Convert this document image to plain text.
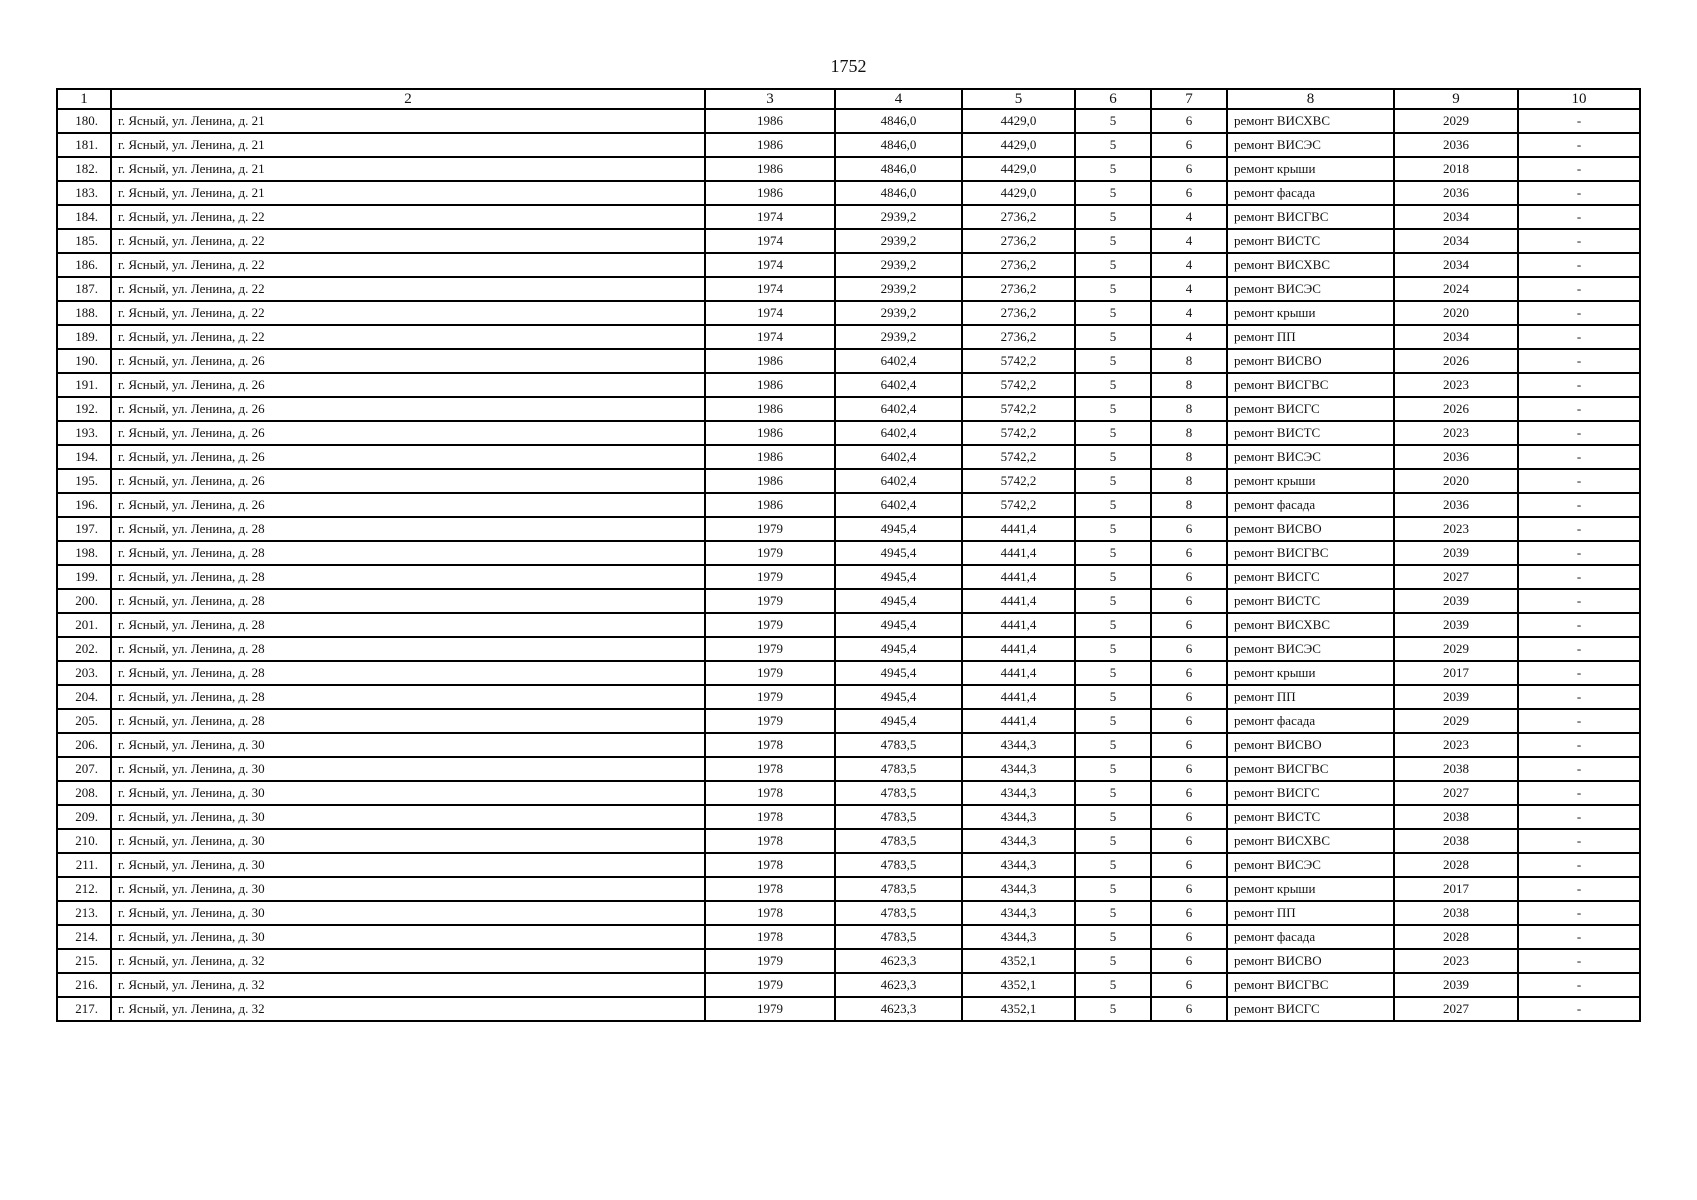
1752
1	2	3	4	5	6	7	8	9	10
180.	г. Ясный, ул. Ленина, д. 21	1986	4846,0	4429,0	5	6	ремонт ВИСХВС	2029	-
181.	г. Ясный, ул. Ленина, д. 21	1986	4846,0	4429,0	5	6	ремонт ВИСЭС	2036	-
182.	г. Ясный, ул. Ленина, д. 21	1986	4846,0	4429,0	5	6	ремонт крыши	2018	-
183.	г. Ясный, ул. Ленина, д. 21	1986	4846,0	4429,0	5	6	ремонт фасада	2036	-
184.	г. Ясный, ул. Ленина, д. 22	1974	2939,2	2736,2	5	4	ремонт ВИСГВС	2034	-
185.	г. Ясный, ул. Ленина, д. 22	1974	2939,2	2736,2	5	4	ремонт ВИСТС	2034	-
186.	г. Ясный, ул. Ленина, д. 22	1974	2939,2	2736,2	5	4	ремонт ВИСХВС	2034	-
187.	г. Ясный, ул. Ленина, д. 22	1974	2939,2	2736,2	5	4	ремонт ВИСЭС	2024	-
188.	г. Ясный, ул. Ленина, д. 22	1974	2939,2	2736,2	5	4	ремонт крыши	2020	-
189.	г. Ясный, ул. Ленина, д. 22	1974	2939,2	2736,2	5	4	ремонт ПП	2034	-
190.	г. Ясный, ул. Ленина, д. 26	1986	6402,4	5742,2	5	8	ремонт ВИСВО	2026	-
191.	г. Ясный, ул. Ленина, д. 26	1986	6402,4	5742,2	5	8	ремонт ВИСГВС	2023	-
192.	г. Ясный, ул. Ленина, д. 26	1986	6402,4	5742,2	5	8	ремонт ВИСГС	2026	-
193.	г. Ясный, ул. Ленина, д. 26	1986	6402,4	5742,2	5	8	ремонт ВИСТС	2023	-
194.	г. Ясный, ул. Ленина, д. 26	1986	6402,4	5742,2	5	8	ремонт ВИСЭС	2036	-
195.	г. Ясный, ул. Ленина, д. 26	1986	6402,4	5742,2	5	8	ремонт крыши	2020	-
196.	г. Ясный, ул. Ленина, д. 26	1986	6402,4	5742,2	5	8	ремонт фасада	2036	-
197.	г. Ясный, ул. Ленина, д. 28	1979	4945,4	4441,4	5	6	ремонт ВИСВО	2023	-
198.	г. Ясный, ул. Ленина, д. 28	1979	4945,4	4441,4	5	6	ремонт ВИСГВС	2039	-
199.	г. Ясный, ул. Ленина, д. 28	1979	4945,4	4441,4	5	6	ремонт ВИСГС	2027	-
200.	г. Ясный, ул. Ленина, д. 28	1979	4945,4	4441,4	5	6	ремонт ВИСТС	2039	-
201.	г. Ясный, ул. Ленина, д. 28	1979	4945,4	4441,4	5	6	ремонт ВИСХВС	2039	-
202.	г. Ясный, ул. Ленина, д. 28	1979	4945,4	4441,4	5	6	ремонт ВИСЭС	2029	-
203.	г. Ясный, ул. Ленина, д. 28	1979	4945,4	4441,4	5	6	ремонт крыши	2017	-
204.	г. Ясный, ул. Ленина, д. 28	1979	4945,4	4441,4	5	6	ремонт ПП	2039	-
205.	г. Ясный, ул. Ленина, д. 28	1979	4945,4	4441,4	5	6	ремонт фасада	2029	-
206.	г. Ясный, ул. Ленина, д. 30	1978	4783,5	4344,3	5	6	ремонт ВИСВО	2023	-
207.	г. Ясный, ул. Ленина, д. 30	1978	4783,5	4344,3	5	6	ремонт ВИСГВС	2038	-
208.	г. Ясный, ул. Ленина, д. 30	1978	4783,5	4344,3	5	6	ремонт ВИСГС	2027	-
209.	г. Ясный, ул. Ленина, д. 30	1978	4783,5	4344,3	5	6	ремонт ВИСТС	2038	-
210.	г. Ясный, ул. Ленина, д. 30	1978	4783,5	4344,3	5	6	ремонт ВИСХВС	2038	-
211.	г. Ясный, ул. Ленина, д. 30	1978	4783,5	4344,3	5	6	ремонт ВИСЭС	2028	-
212.	г. Ясный, ул. Ленина, д. 30	1978	4783,5	4344,3	5	6	ремонт крыши	2017	-
213.	г. Ясный, ул. Ленина, д. 30	1978	4783,5	4344,3	5	6	ремонт ПП	2038	-
214.	г. Ясный, ул. Ленина, д. 30	1978	4783,5	4344,3	5	6	ремонт фасада	2028	-
215.	г. Ясный, ул. Ленина, д. 32	1979	4623,3	4352,1	5	6	ремонт ВИСВО	2023	-
216.	г. Ясный, ул. Ленина, д. 32	1979	4623,3	4352,1	5	6	ремонт ВИСГВС	2039	-
217.	г. Ясный, ул. Ленина, д. 32	1979	4623,3	4352,1	5	6	ремонт ВИСГС	2027	-
